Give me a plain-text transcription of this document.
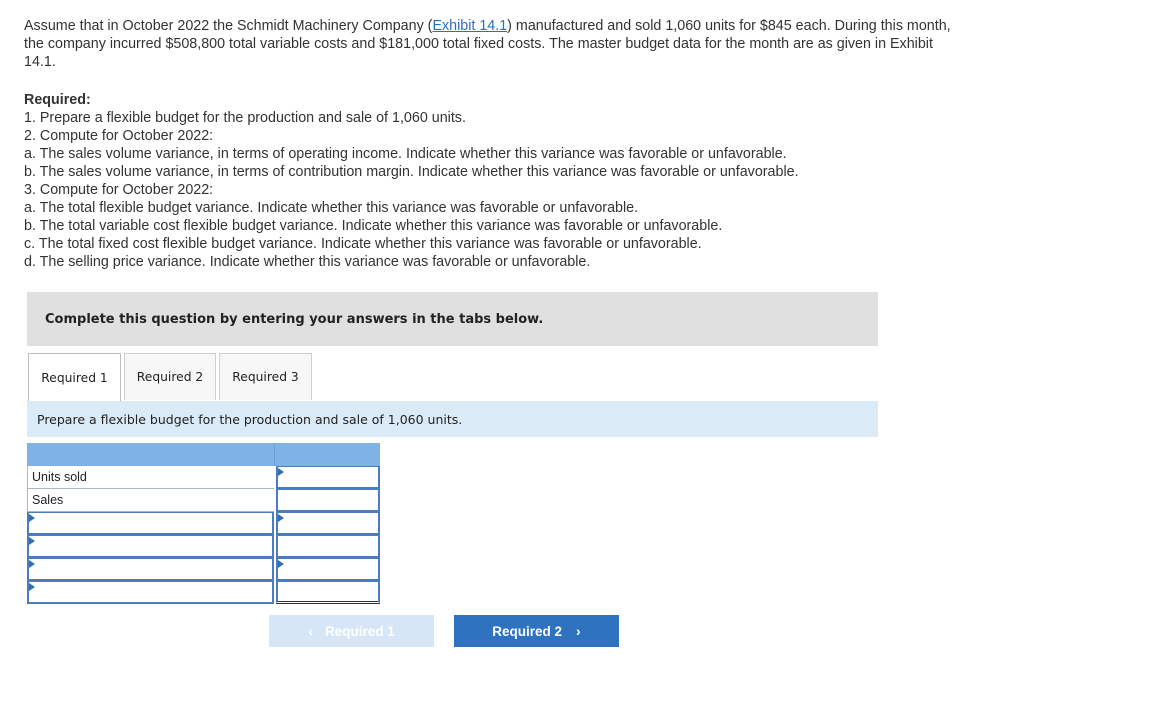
Assume that in October 2022 the Schmidt Machinery Company (Exhibit 14.1) manufactured and sold 1,060 units for $845 each. During this month, the company incurred $508,800 total variable costs and $181,000 total fixed costs. The master budget data for the month are as given in Exhibit 14.1.

Required:
1. Prepare a flexible budget for the production and sale of 1,060 units.
2. Compute for October 2022:
a. The sales volume variance, in terms of operating income. Indicate whether this variance was favorable or unfavorable.
b. The sales volume variance, in terms of contribution margin. Indicate whether this variance was favorable or unfavorable.
3. Compute for October 2022:
a. The total flexible budget variance. Indicate whether this variance was favorable or unfavorable.
b. The total variable cost flexible budget variance. Indicate whether this variance was favorable or unfavorable.
c. The total fixed cost flexible budget variance. Indicate whether this variance was favorable or unfavorable.
d. The selling price variance. Indicate whether this variance was favorable or unfavorable.
Complete this question by entering your answers in the tabs below.
Required 1	Required 2	Required 3
Prepare a flexible budget for the production and sale of 1,060 units.
Units sold
Sales
‹ Required 1	Required 2 ›
